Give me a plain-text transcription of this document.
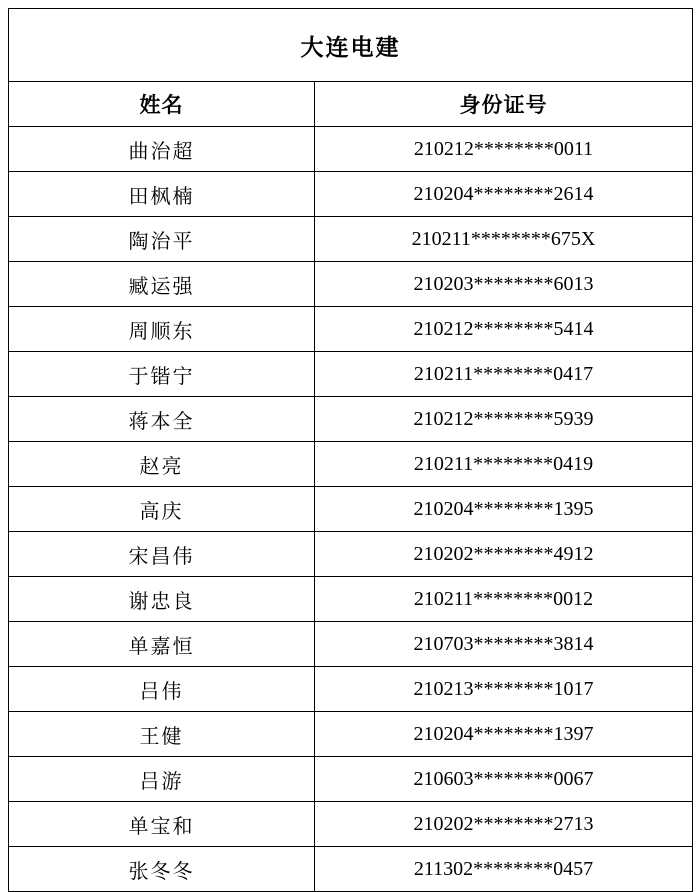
大连电建	
姓名	身份证号
曲治超	210212********0011
田枫楠	210204********2614
陶治平	210211********675X
臧运强	210203********6013
周顺东	210212********5414
于锴宁	210211********0417
蒋本全	210212********5939
赵亮	210211********0419
高庆	210204********1395
宋昌伟	210202********4912
谢忠良	210211********0012
单嘉恒	210703********3814
吕伟	210213********1017
王健	210204********1397
吕游	210603********0067
单宝和	210202********2713
张冬冬	211302********0457
